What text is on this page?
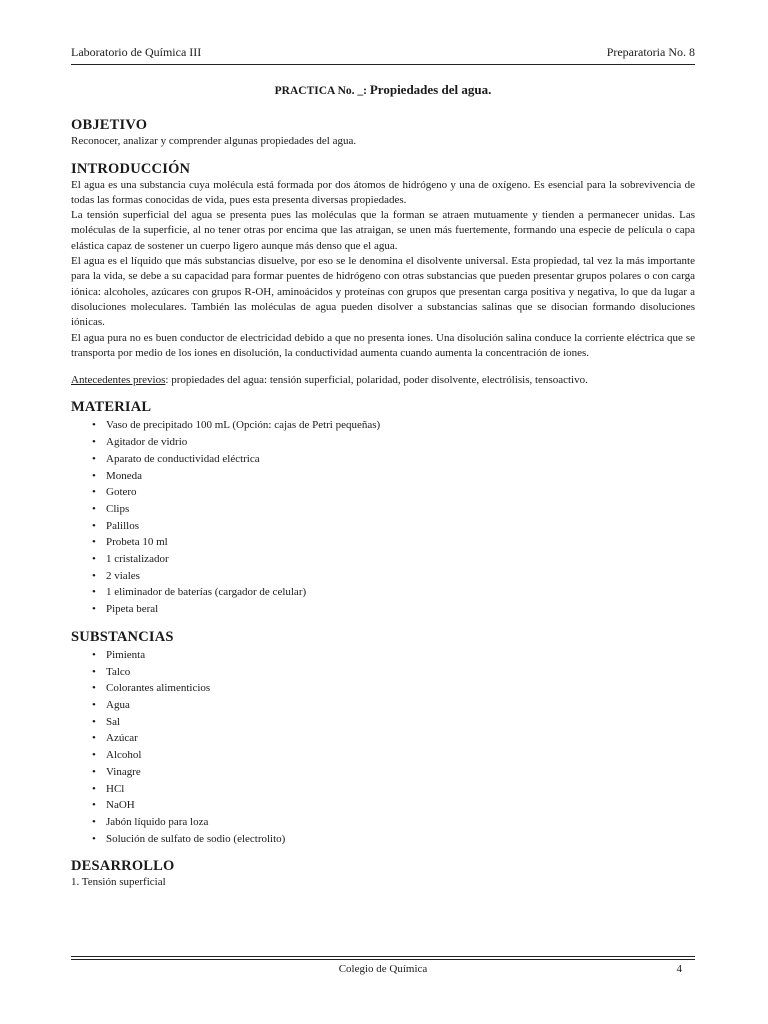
Laboratorio de Química III	Preparatoria No. 8
PRACTICA No. _: Propiedades del agua.
OBJETIVO

Reconocer, analizar y comprender algunas propiedades del agua.

INTRODUCCIÓN

El agua es una substancia cuya molécula está formada por dos átomos de hidrógeno y una de oxígeno. Es esencial para la sobrevivencia de todas las formas conocidas de vida, pues esta presenta diversas propiedades.

La tensión superficial del agua se presenta pues las moléculas que la forman se atraen mutuamente y tienden a permanecer unidas. Las moléculas de la superficie, al no tener otras por encima que las atraigan, se unen más fuertemente, formando una especie de película o capa elástica capaz de sostener un cuerpo ligero aunque más denso que el agua.

El agua es el líquido que más substancias disuelve, por eso se le denomina el disolvente universal. Esta propiedad, tal vez la más importante para la vida, se debe a su capacidad para formar puentes de hidrógeno con otras substancias que pueden presentar grupos polares o con carga iónica: alcoholes, azúcares con grupos R-OH, aminoácidos y proteínas con grupos que presentan carga positiva y negativa, lo que da lugar a disoluciones moleculares. También las moléculas de agua pueden disolver a substancias salinas que se disocian formando disoluciones iónicas.

El agua pura no es buen conductor de electricidad debido a que no presenta iones. Una disolución salina conduce la corriente eléctrica que se transporta por medio de los iones en disolución, la conductividad aumenta cuando aumenta la concentración de iones.

Antecedentes previos: propiedades del agua: tensión superficial, polaridad, poder disolvente, electrólisis, tensoactivo.

MATERIAL
• Vaso de precipitado 100 mL (Opción: cajas de Petri pequeñas)
• Agitador de vidrio
• Aparato de conductividad eléctrica
• Moneda
• Gotero
• Clips
• Palillos
• Probeta 10 ml
• 1 cristalizador
• 2 viales
• 1 eliminador de baterías (cargador de celular)
• Pipeta beral
SUBSTANCIAS
• Pimienta
• Talco
• Colorantes alimenticios
• Agua
• Sal
• Azúcar
• Alcohol
• Vinagre
• HCl
• NaOH
• Jabón líquido para loza
• Solución de sulfato de sodio (electrolito)
DESARROLLO

1. Tensión superficial

Colegio de Química	4
